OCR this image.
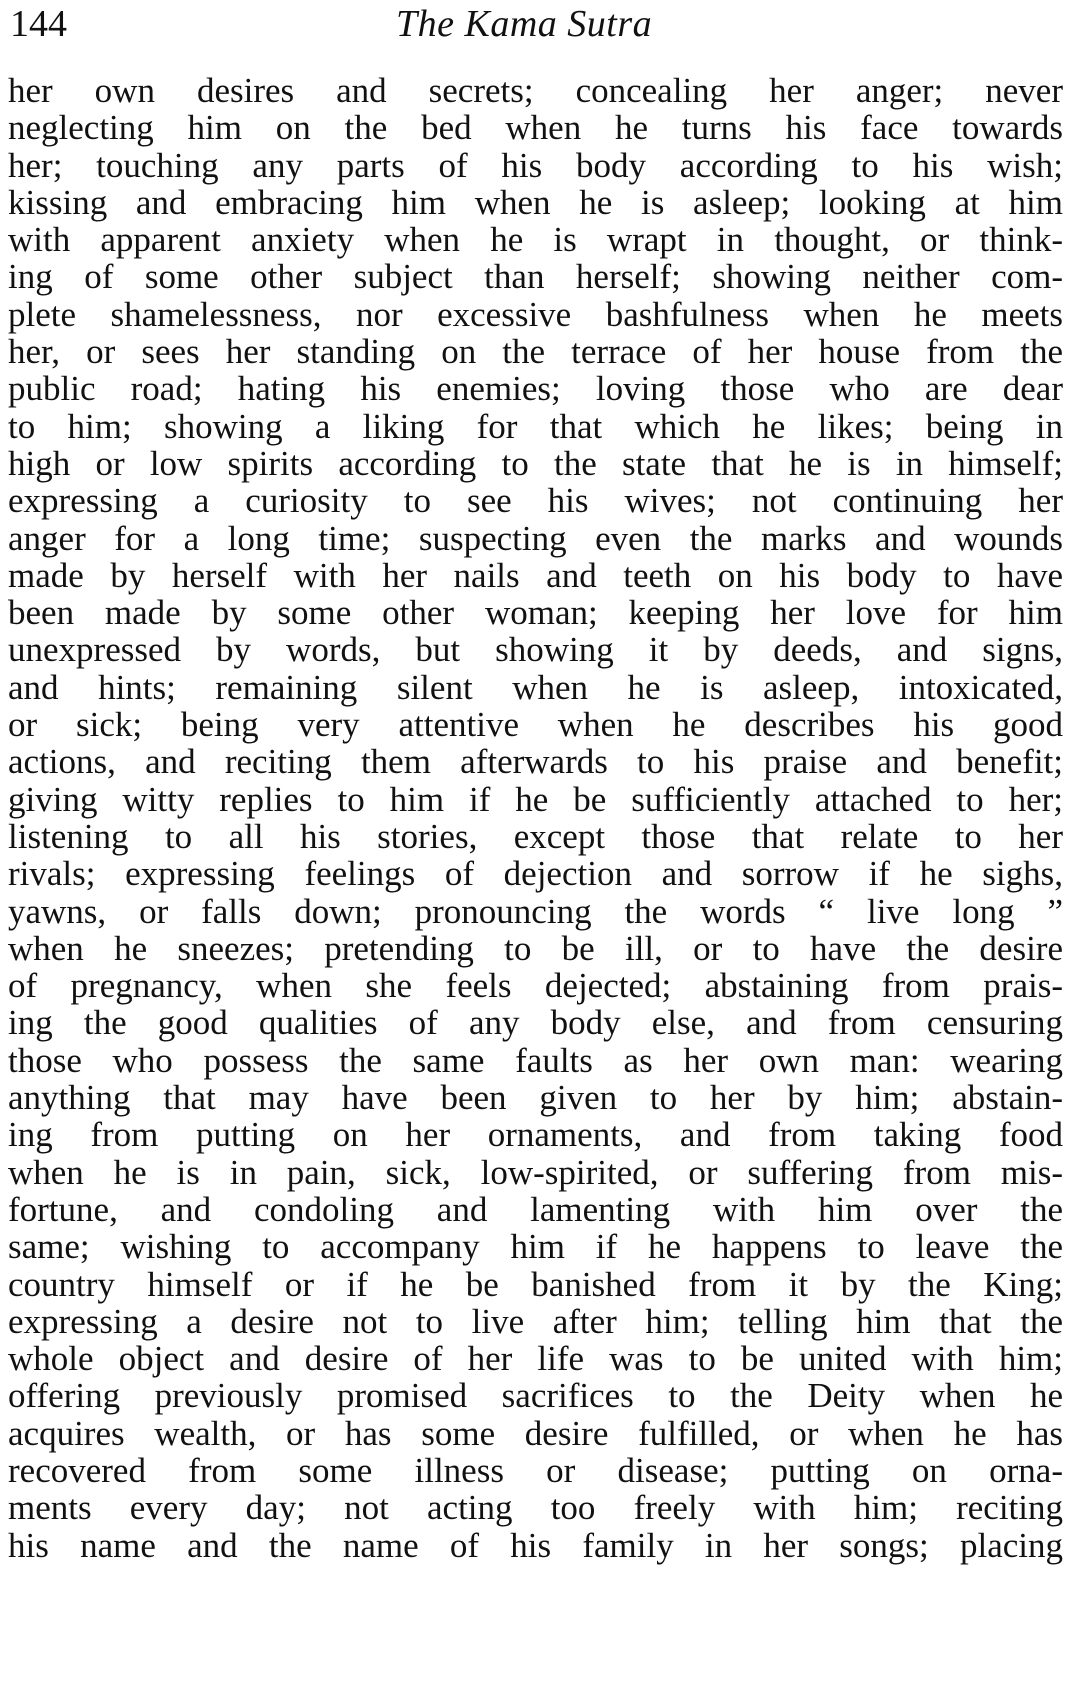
144	The Kama Sutra
her own desires and secrets; concealing her anger; never
neglecting him on the bed when he turns his face towards
her; touching any parts of his body according to his wish;
kissing and embracing him when he is asleep; looking at him
with apparent anxiety when he is wrapt in thought, or think-
ing of some other subject than herself; showing neither com-
plete shamelessness, nor excessive bashfulness when he meets
her, or sees her standing on the terrace of her house from the
public road; hating his enemies; loving those who are dear
to him; showing a liking for that which he likes; being in
high or low spirits according to the state that he is in himself;
expressing a curiosity to see his wives; not continuing her
anger for a long time; suspecting even the marks and wounds
made by herself with her nails and teeth on his body to have
been made by some other woman; keeping her love for him
unexpressed by words, but showing it by deeds, and signs,
and hints; remaining silent when he is asleep, intoxicated,
or sick; being very attentive when he describes his good
actions, and reciting them afterwards to his praise and benefit;
giving witty replies to him if he be sufficiently attached to her;
listening to all his stories, except those that relate to her
rivals; expressing feelings of dejection and sorrow if he sighs,
yawns, or falls down; pronouncing the words “ live long ”
when he sneezes; pretending to be ill, or to have the desire
of pregnancy, when she feels dejected; abstaining from prais-
ing the good qualities of any body else, and from censuring
those who possess the same faults as her own man: wearing
anything that may have been given to her by him; abstain-
ing from putting on her ornaments, and from taking food
when he is in pain, sick, low-spirited, or suffering from mis-
fortune, and condoling and lamenting with him over the
same; wishing to accompany him if he happens to leave the
country himself or if he be banished from it by the King;
expressing a desire not to live after him; telling him that the
whole object and desire of her life was to be united with him;
offering previously promised sacrifices to the Deity when he
acquires wealth, or has some desire fulfilled, or when he has
recovered from some illness or disease; putting on orna-
ments every day; not acting too freely with him; reciting
his name and the name of his family in her songs; placing
